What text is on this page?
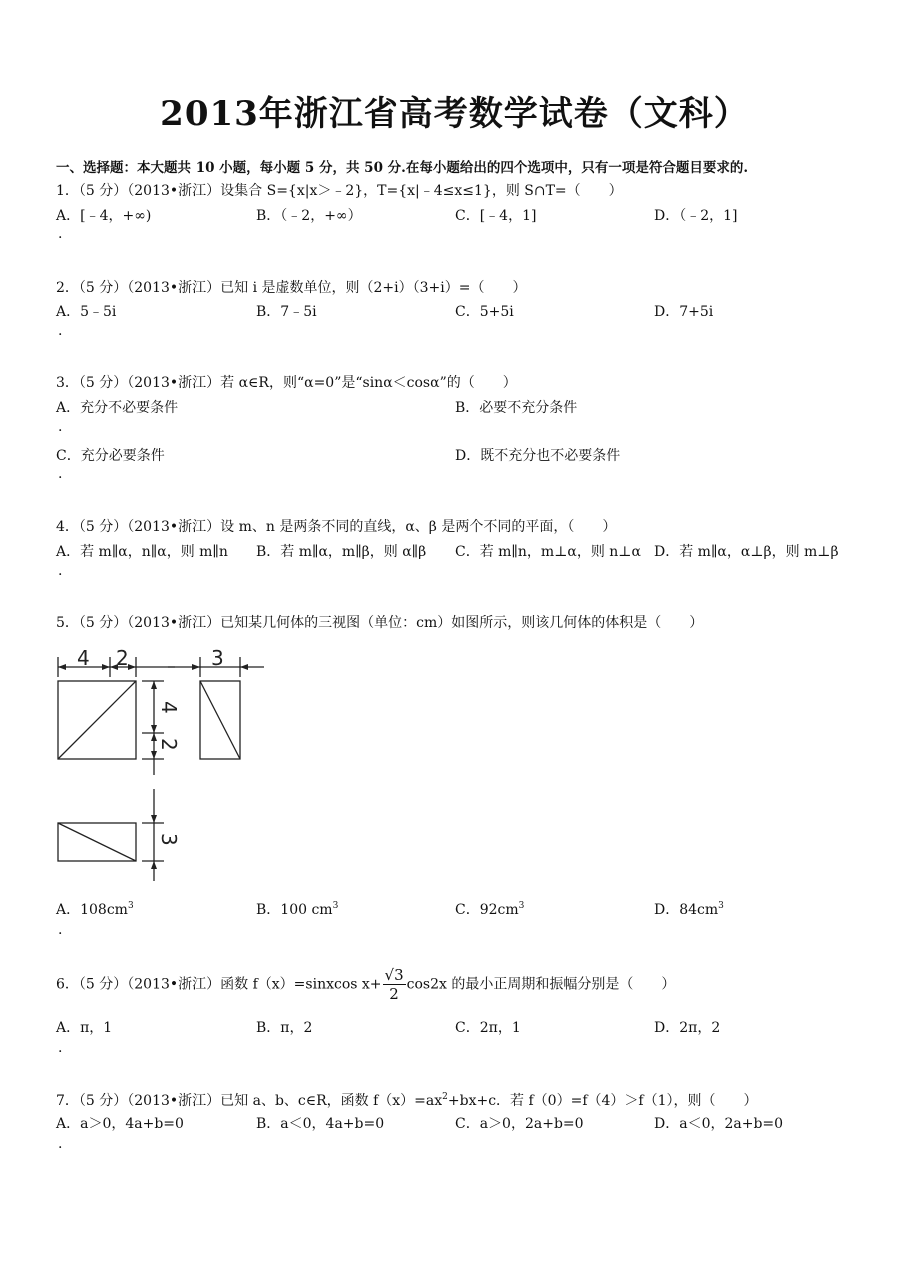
2013年浙江省高考数学试卷（文科）
一、选择题：本大题共 10 小题，每小题 5 分，共 50 分.在每小题给出的四个选项中，只有一项是符合题目要求的.
1．（5 分）（2013•浙江）设集合 S={x|x＞﹣2}，T={x|﹣4≤x≤1}，则 S∩T=（　　）
A．[﹣4，+∞)	B．（﹣2，+∞）	C．[﹣4，1]	D．（﹣2，1]
.
2．（5 分）（2013•浙江）已知 i 是虚数单位，则（2+i）（3+i）=（　　）
A．5﹣5i	B．7﹣5i	C．5+5i	D．7+5i
.
3．（5 分）（2013•浙江）若 α∈R，则“α=0”是“sinα＜cosα”的（　　）
A．充分不必要条件	B．必要不充分条件
.
C．充分必要条件	D．既不充分也不必要条件
.
4．（5 分）（2013•浙江）设 m、n 是两条不同的直线，α、β 是两个不同的平面，（　　）
A．若 m∥α，n∥α，则 m∥n B．若 m∥α，m∥β，则 α∥β C．若 m∥n，m⊥α，则 n⊥α D．若 m∥α，α⊥β，则 m⊥β
.
5．（5 分）（2013•浙江）已知某几何体的三视图（单位：cm）如图所示，则该几何体的体积是（　　）
4 2	3
4
2
3
A．$108cm^3$	B．100 $cm^3$	C．$92cm^3$	D．$84cm^3$
.
6．（5 分）（2013•浙江）函数 f（x）=sinxcos $x+ \frac{√3}{2} \cos 2x$ 的最小正周期和振幅分别是（　　）
A．π，1	B．π，2	C．2π，1	D．2π，2
.
7．（5 分）（2013•浙江）已知 a、b、c∈R，函数 $f(x)=ax^2+bx+c$．若 f（0）=f（4）＞f（1），则（　　）
A．a＞0，4a+b=0	B．a＜0，4a+b=0	C．a＞0，2a+b=0	D．a＜0，2a+b=0
.
